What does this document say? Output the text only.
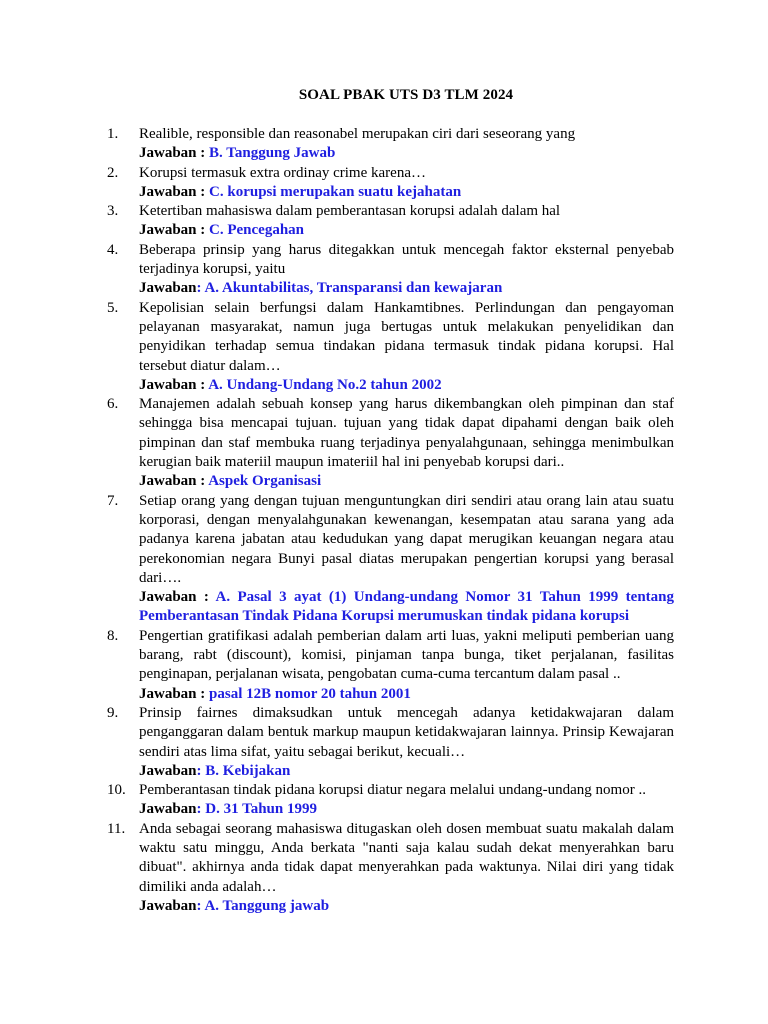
SOAL PBAK UTS D3 TLM 2024
1.	Realible, responsible dan reasonabel merupakan ciri dari seseorang yang
Jawaban : B. Tanggung Jawab
2.	Korupsi termasuk extra ordinay crime karena…
Jawaban : C. korupsi merupakan suatu kejahatan
3.	Ketertiban mahasiswa dalam pemberantasan korupsi adalah dalam hal
Jawaban : C. Pencegahan
4.	Beberapa prinsip yang harus ditegakkan untuk mencegah faktor eksternal penyebab terjadinya korupsi, yaitu
Jawaban: A. Akuntabilitas, Transparansi dan kewajaran
5.	Kepolisian selain berfungsi dalam Hankamtibnes. Perlindungan dan pengayoman pelayanan masyarakat, namun juga bertugas untuk melakukan penyelidikan dan penyidikan terhadap semua tindakan pidana termasuk tindak pidana korupsi. Hal tersebut diatur dalam…
Jawaban : A. Undang-Undang No.2 tahun 2002
6.	Manajemen adalah sebuah konsep yang harus dikembangkan oleh pimpinan dan staf sehingga bisa mencapai tujuan. tujuan yang tidak dapat dipahami dengan baik oleh pimpinan dan staf membuka ruang terjadinya penyalahgunaan, sehingga menimbulkan kerugian baik materiil maupun imateriil hal ini penyebab korupsi dari..
Jawaban : Aspek Organisasi
7.	Setiap orang yang dengan tujuan menguntungkan diri sendiri atau orang lain atau suatu korporasi, dengan menyalahgunakan kewenangan, kesempatan atau sarana yang ada padanya karena jabatan atau kedudukan yang dapat merugikan keuangan negara atau perekonomian negara Bunyi pasal diatas merupakan pengertian korupsi yang berasal dari….
Jawaban : A. Pasal 3 ayat (1) Undang-undang Nomor 31 Tahun 1999 tentang Pemberantasan Tindak Pidana Korupsi merumuskan tindak pidana korupsi
8.	Pengertian gratifikasi adalah pemberian dalam arti luas, yakni meliputi pemberian uang barang, rabt (discount), komisi, pinjaman tanpa bunga, tiket perjalanan, fasilitas penginapan, perjalanan wisata, pengobatan cuma-cuma tercantum dalam pasal ..
Jawaban : pasal 12B nomor 20 tahun 2001
9.	Prinsip fairnes dimaksudkan untuk mencegah adanya ketidakwajaran dalam penganggaran dalam bentuk markup maupun ketidakwajaran lainnya. Prinsip Kewajaran sendiri atas lima sifat, yaitu sebagai berikut, kecuali…
Jawaban: B. Kebijakan
10. Pemberantasan tindak pidana korupsi diatur negara melalui undang-undang nomor ..
Jawaban: D. 31 Tahun 1999
11. Anda sebagai seorang mahasiswa ditugaskan oleh dosen membuat suatu makalah dalam waktu satu minggu, Anda berkata "nanti saja kalau sudah dekat menyerahkan baru dibuat". akhirnya anda tidak dapat menyerahkan pada waktunya. Nilai diri yang tidak dimiliki anda adalah…
Jawaban: A. Tanggung jawab
